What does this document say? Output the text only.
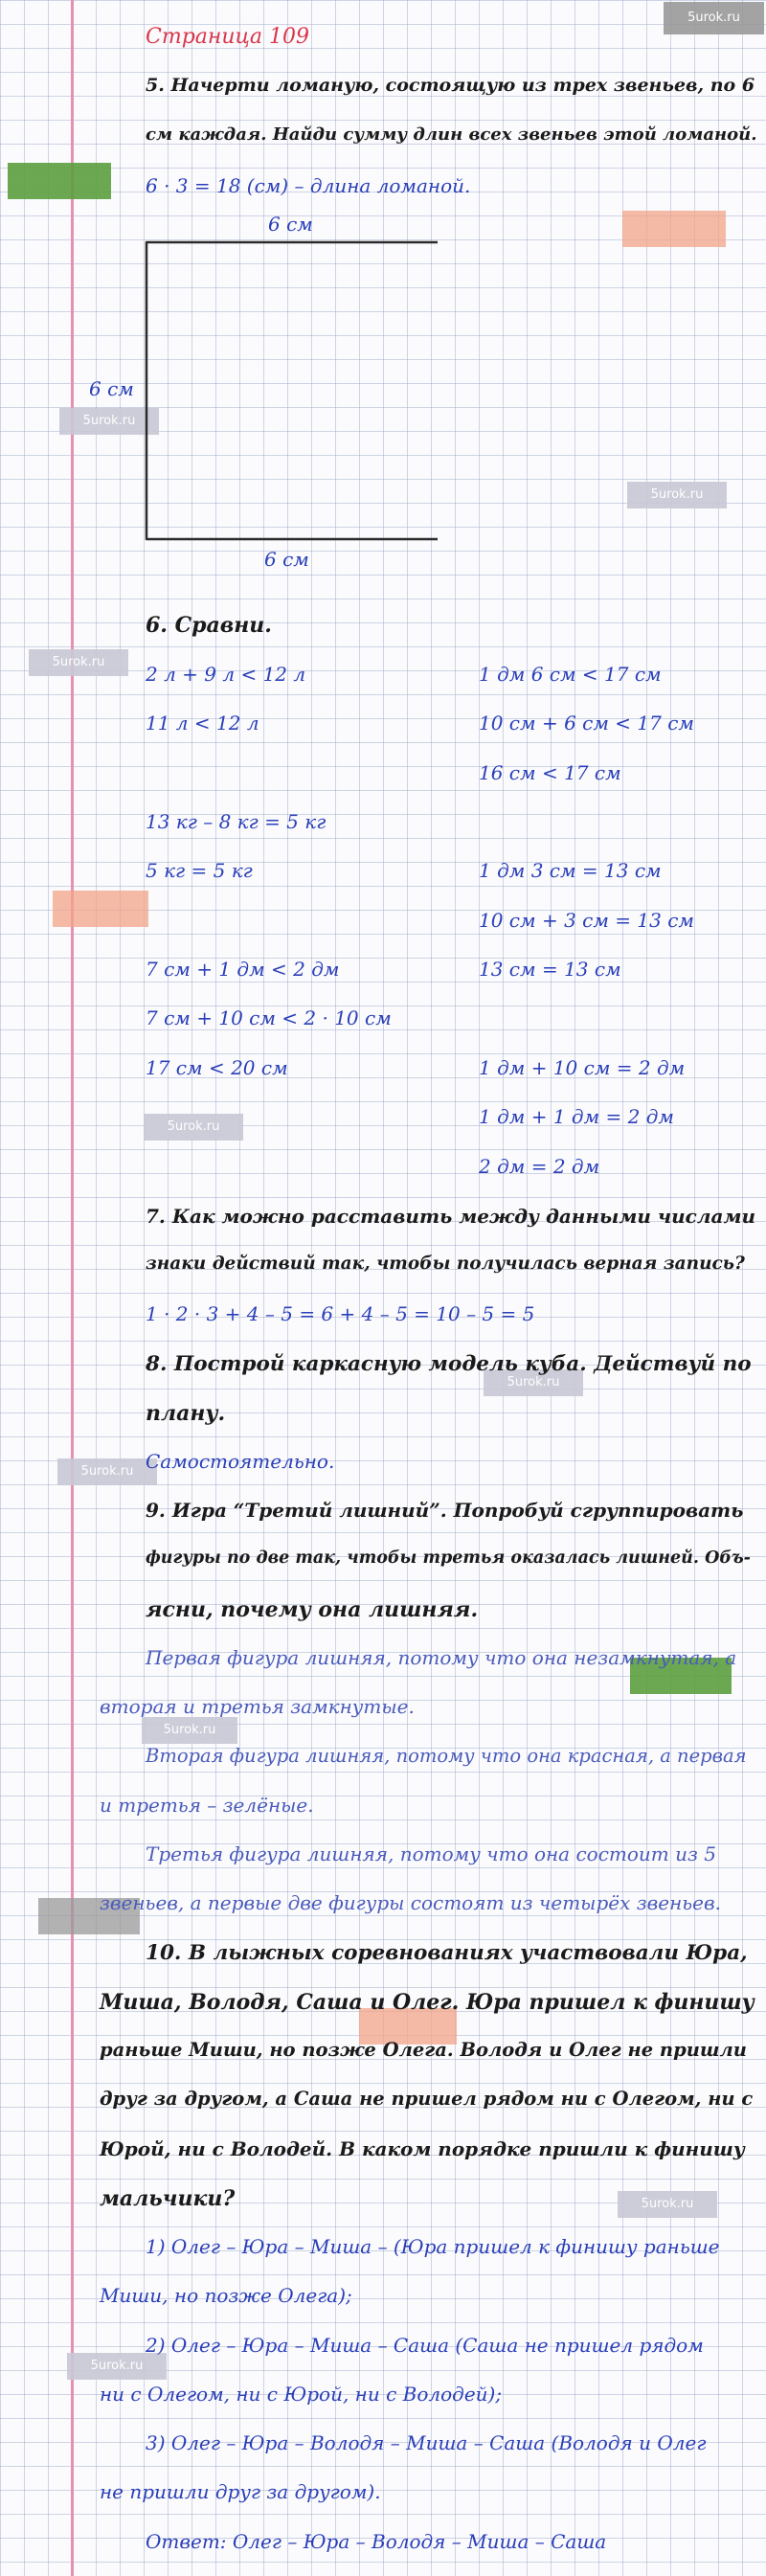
5urok.ru
5urok.ru
5urok.ru
5urok.ru
5urok.ru
5urok.ru
5urok.ru
5urok.ru
5urok.ru
5urok.ru
Страница 109
5. Начерти ломаную, состоящую из трех звеньев, по 6
см каждая. Найди сумму длин всех звеньев этой ломаной.
6 · 3 = 18 (см) – длина ломаной.
6 см
6 см
6 см
6. Сравни.
2 л + 9 л < 12 л
11 л < 12 л
13 кг – 8 кг = 5 кг
5 кг = 5 кг
7 см + 1 дм < 2 дм
7 см + 10 см < 2 · 10 см
17 см < 20 см
1 дм 6 см < 17 см
10 см + 6 см < 17 см
16 см < 17 см
1 дм 3 см = 13 см
10 см + 3 см = 13 см
13 см = 13 см
1 дм + 10 см = 2 дм
1 дм + 1 дм = 2 дм
2 дм = 2 дм
7. Как можно расставить между данными числами
знаки действий так, чтобы получилась верная запись?
1 · 2 · 3 + 4 – 5 = 6 + 4 – 5 = 10 – 5 = 5
8. Построй каркасную модель куба. Действуй по
плану.
Самостоятельно.
9. Игра “Третий лишний”. Попробуй сгруппировать
фигуры по две так, чтобы третья оказалась лишней. Объ-
ясни, почему она лишняя.
Первая фигура лишняя, потому что она незамкнутая, а
вторая и третья замкнутые.
Вторая фигура лишняя, потому что она красная, а первая
и третья – зелёные.
Третья фигура лишняя, потому что она состоит из 5
звеньев, а первые две фигуры состоят из четырёх звеньев.
10. В лыжных соревнованиях участвовали Юра,
Миша, Володя, Саша и Олег. Юра пришел к финишу
раньше Миши, но позже Олега. Володя и Олег не пришли
друг за другом, а Саша не пришел рядом ни с Олегом, ни с
Юрой, ни с Володей. В каком порядке пришли к финишу
мальчики?
1) Олег – Юра – Миша – (Юра пришел к финишу раньше
Миши, но позже Олега);
2) Олег – Юра – Миша – Саша (Саша не пришел рядом
ни с Олегом, ни с Юрой, ни с Володей);
3) Олег – Юра – Володя – Миша – Саша (Володя и Олег
не пришли друг за другом).
Ответ: Олег – Юра – Володя – Миша – Саша
